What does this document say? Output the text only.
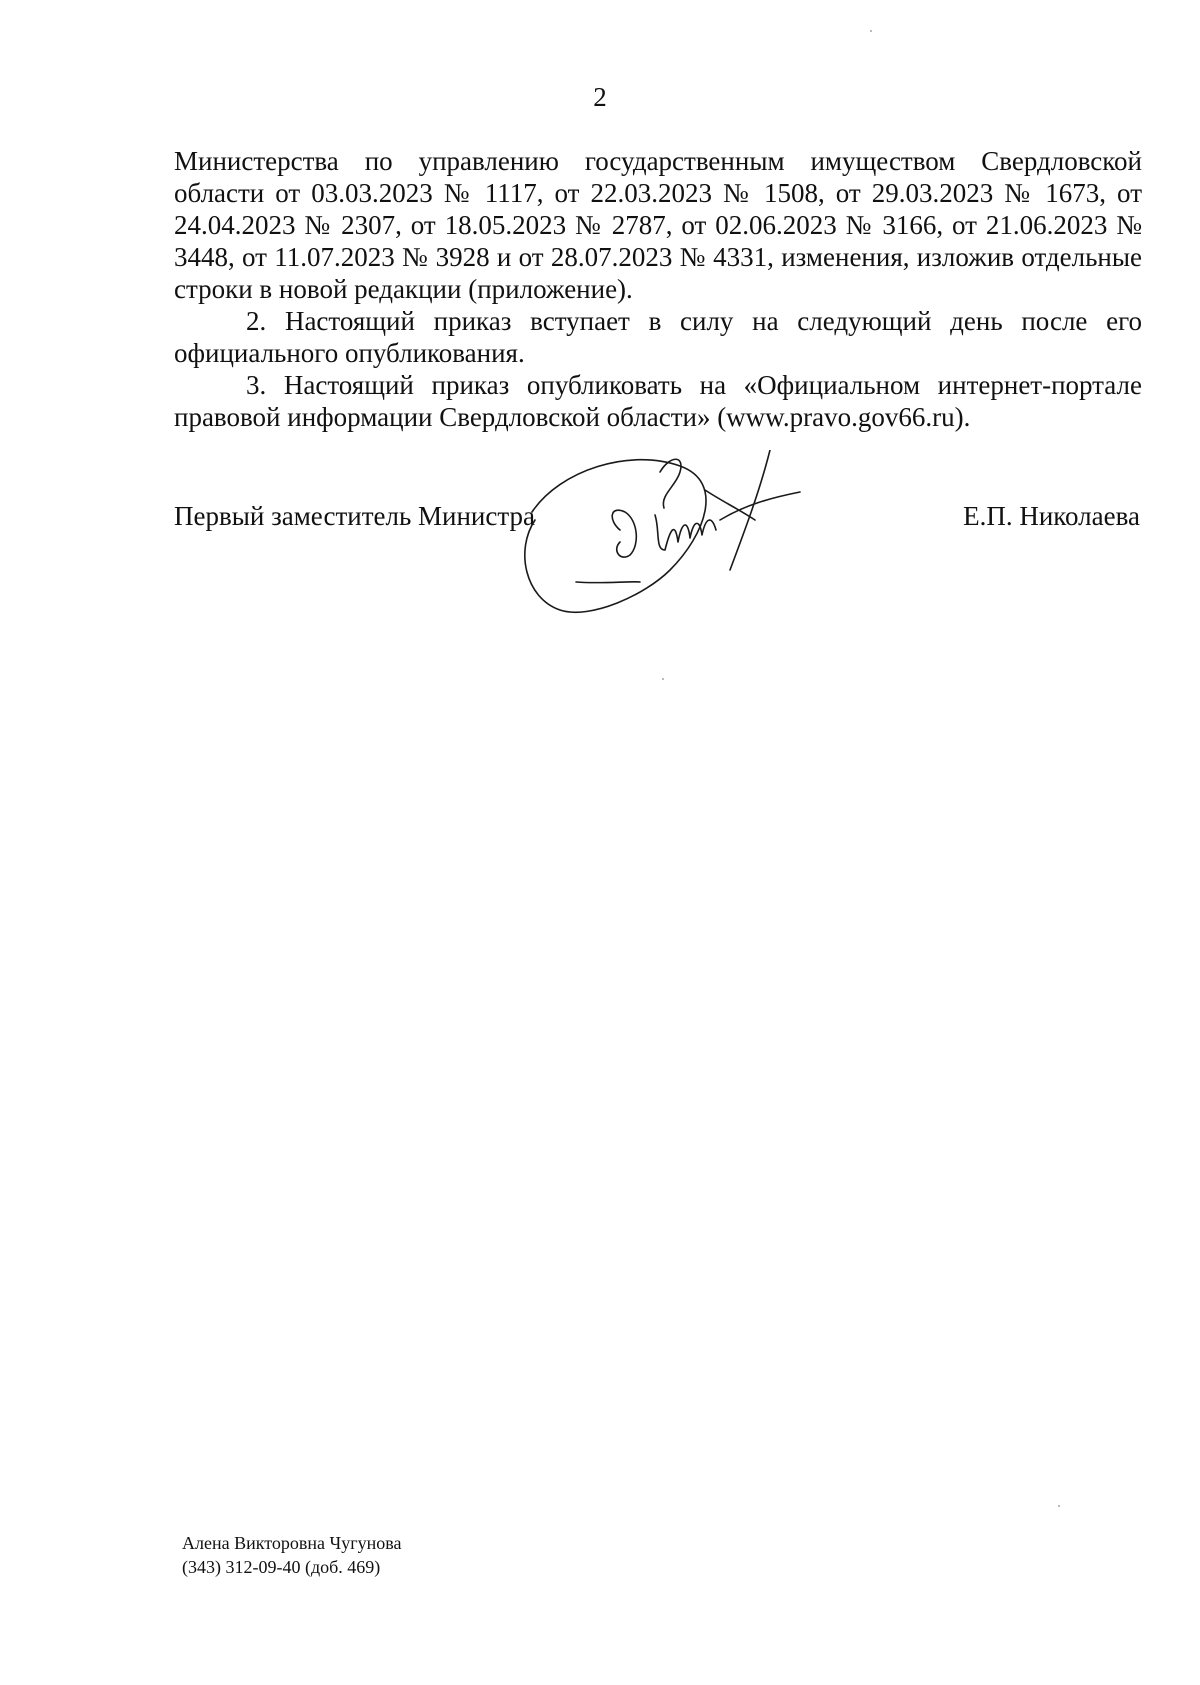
2

Министерства по управлению государственным имуществом Свердловской области от 03.03.2023 № 1117, от 22.03.2023 № 1508, от 29.03.2023 № 1673, от 24.04.2023 № 2307, от 18.05.2023 № 2787, от 02.06.2023 № 3166, от 21.06.2023 № 3448, от 11.07.2023 № 3928 и от 28.07.2023 № 4331, изменения, изложив отдельные строки в новой редакции (приложение).

2. Настоящий приказ вступает в силу на следующий день после его официального опубликования.

3. Настоящий приказ опубликовать на «Официальном интернет-портале правовой информации Свердловской области» (www.pravo.gov66.ru).

Первый заместитель Министра	Е.П. Николаева
Алена Викторовна Чугунова
(343) 312-09-40 (доб. 469)
